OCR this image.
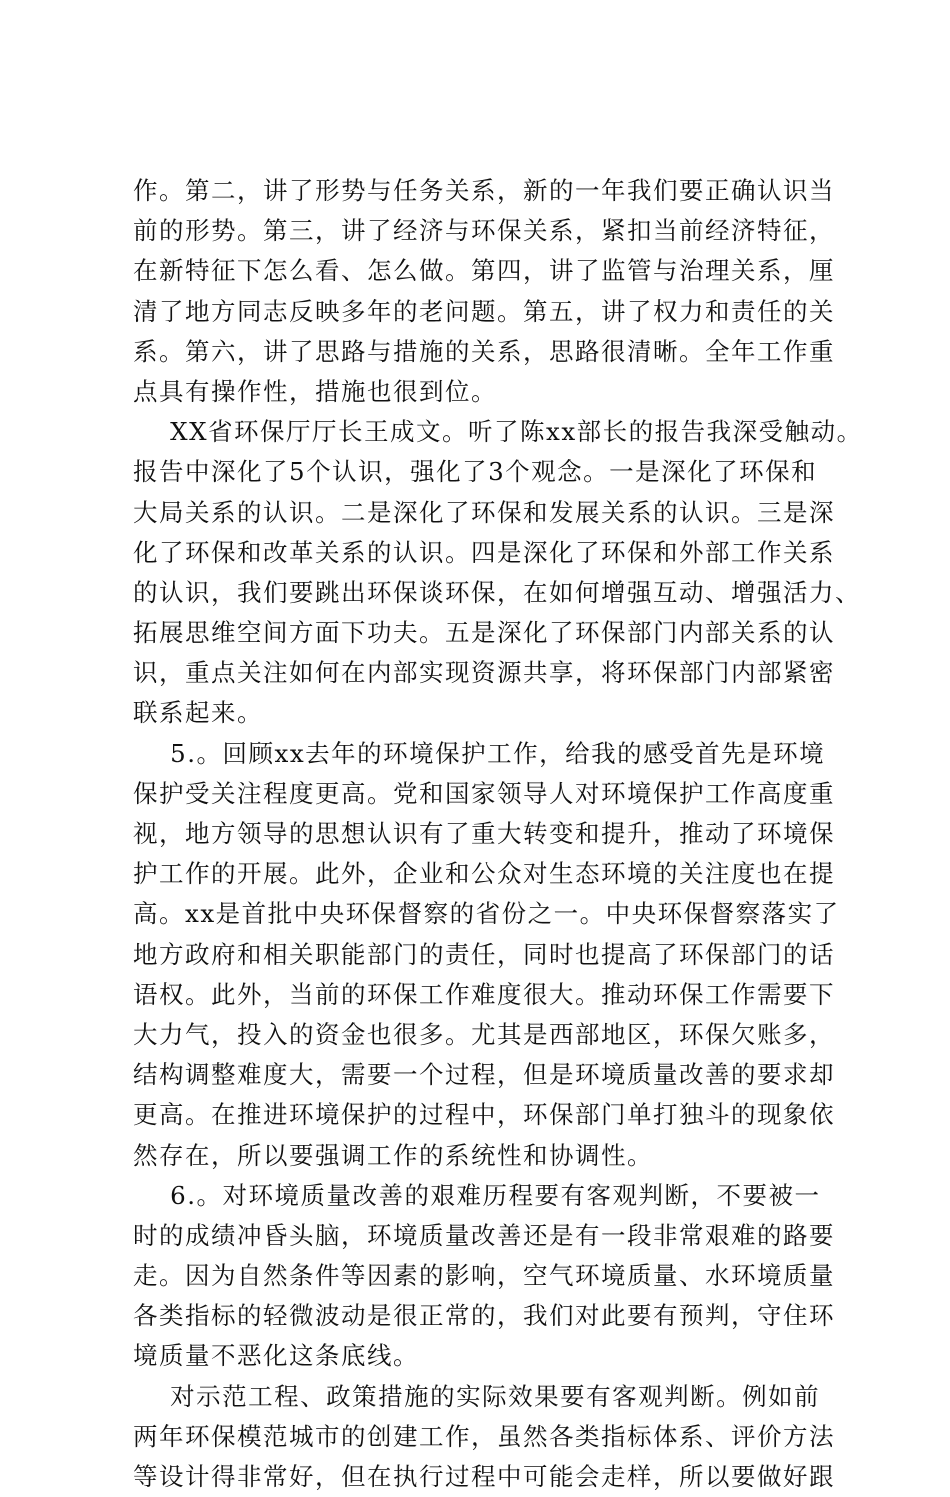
作。第二，讲了形势与任务关系，新的一年我们要正确认识当
前的形势。第三，讲了经济与环保关系，紧扣当前经济特征，
在新特征下怎么看、怎么做。第四，讲了监管与治理关系，厘
清了地方同志反映多年的老问题。第五，讲了权力和责任的关
系。第六，讲了思路与措施的关系，思路很清晰。全年工作重
点具有操作性，措施也很到位。
XX省环保厅厅长王成文。听了陈xx部长的报告我深受触动。
报告中深化了5个认识，强化了3个观念。一是深化了环保和
大局关系的认识。二是深化了环保和发展关系的认识。三是深
化了环保和改革关系的认识。四是深化了环保和外部工作关系
的认识，我们要跳出环保谈环保，在如何增强互动、增强活力、
拓展思维空间方面下功夫。五是深化了环保部门内部关系的认
识，重点关注如何在内部实现资源共享，将环保部门内部紧密
联系起来。
5.。回顾xx去年的环境保护工作，给我的感受首先是环境
保护受关注程度更高。党和国家领导人对环境保护工作高度重
视，地方领导的思想认识有了重大转变和提升，推动了环境保
护工作的开展。此外，企业和公众对生态环境的关注度也在提
高。xx是首批中央环保督察的省份之一。中央环保督察落实了
地方政府和相关职能部门的责任，同时也提高了环保部门的话
语权。此外，当前的环保工作难度很大。推动环保工作需要下
大力气，投入的资金也很多。尤其是西部地区，环保欠账多，
结构调整难度大，需要一个过程，但是环境质量改善的要求却
更高。在推进环境保护的过程中，环保部门单打独斗的现象依
然存在，所以要强调工作的系统性和协调性。
6.。对环境质量改善的艰难历程要有客观判断，不要被一
时的成绩冲昏头脑，环境质量改善还是有一段非常艰难的路要
走。因为自然条件等因素的影响，空气环境质量、水环境质量
各类指标的轻微波动是很正常的，我们对此要有预判，守住环
境质量不恶化这条底线。
对示范工程、政策措施的实际效果要有客观判断。例如前
两年环保模范城市的创建工作，虽然各类指标体系、评价方法
等设计得非常好，但在执行过程中可能会走样，所以要做好跟
